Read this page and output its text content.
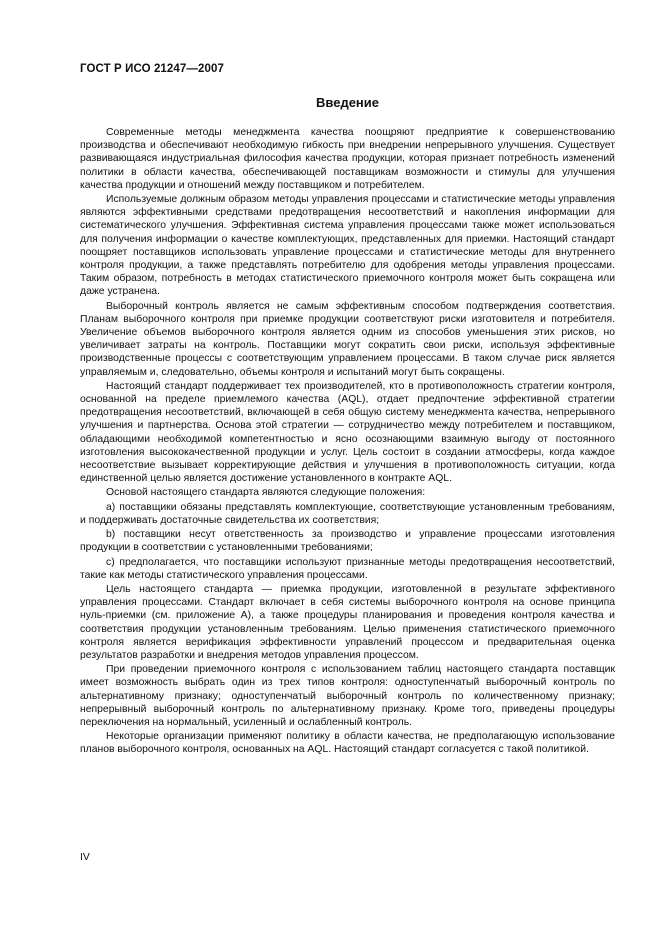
ГОСТ Р ИСО 21247—2007
Введение

Современные методы менеджмента качества поощряют предприятие к совершенствованию производства и обеспечивают необходимую гибкость при внедрении непрерывного улучшения. Существует развивающаяся индустриальная философия качества продукции, которая признает потребность изменений политики в области качества, обеспечивающей поставщикам возможности и стимулы для улучшения качества продукции и отношений между поставщиком и потребителем.

Используемые должным образом методы управления процессами и статистические методы управления являются эффективными средствами предотвращения несоответствий и накопления информации для систематического улучшения. Эффективная система управления процессами также может использоваться для получения информации о качестве комплектующих, представленных для приемки. Настоящий стандарт поощряет поставщиков использовать управление процессами и статистические методы для внутреннего контроля продукции, а также представлять потребителю для одобрения методы управления процессами. Таким образом, потребность в методах статистического приемочного контроля может быть сокращена или даже устранена.

Выборочный контроль является не самым эффективным способом подтверждения соответствия. Планам выборочного контроля при приемке продукции соответствуют риски изготовителя и потребителя. Увеличение объемов выборочного контроля является одним из способов уменьшения этих рисков, но увеличивает затраты на контроль. Поставщики могут сократить свои риски, используя эффективные производственные процессы с соответствующим управлением процессами. В таком случае риск является управляемым и, следовательно, объемы контроля и испытаний могут быть сокращены.

Настоящий стандарт поддерживает тех производителей, кто в противоположность стратегии контроля, основанной на пределе приемлемого качества (AQL), отдает предпочтение эффективной стратегии предотвращения несоответствий, включающей в себя общую систему менеджмента качества, непрерывного улучшения и партнерства. Основа этой стратегии — сотрудничество между потребителем и поставщиком, обладающими необходимой компетентностью и ясно осознающими взаимную выгоду от постоянного изготовления высококачественной продукции и услуг. Цель состоит в создании атмосферы, когда каждое несоответствие вызывает корректирующие действия и улучшения в противоположность ситуации, когда единственной целью является достижение установленного в контракте AQL.

Основой настоящего стандарта являются следующие положения:

а) поставщики обязаны представлять комплектующие, соответствующие установленным требованиям, и поддерживать достаточные свидетельства их соответствия;

b) поставщики несут ответственность за производство и управление процессами изготовления продукции в соответствии с установленными требованиями;

с) предполагается, что поставщики используют признанные методы предотвращения несоответствий, такие как методы статистического управления процессами.

Цель настоящего стандарта — приемка продукции, изготовленной в результате эффективного управления процессами. Стандарт включает в себя системы выборочного контроля на основе принципа нуль-приемки (см. приложение А), а также процедуры планирования и проведения контроля качества и соответствия продукции установленным требованиям. Целью применения статистического приемочного контроля является верификация эффективности управлений процессом и предварительная оценка результатов разработки и внедрения методов управления процессом.

При проведении приемочного контроля с использованием таблиц настоящего стандарта поставщик имеет возможность выбрать один из трех типов контроля: одноступенчатый выборочный контроль по альтернативному признаку; одноступенчатый выборочный контроль по количественному признаку; непрерывный выборочный контроль по альтернативному признаку. Кроме того, приведены процедуры переключения на нормальный, усиленный и ослабленный контроль.

Некоторые организации применяют политику в области качества, не предполагающую использование планов выборочного контроля, основанных на AQL. Настоящий стандарт согласуется с такой политикой.

IV
